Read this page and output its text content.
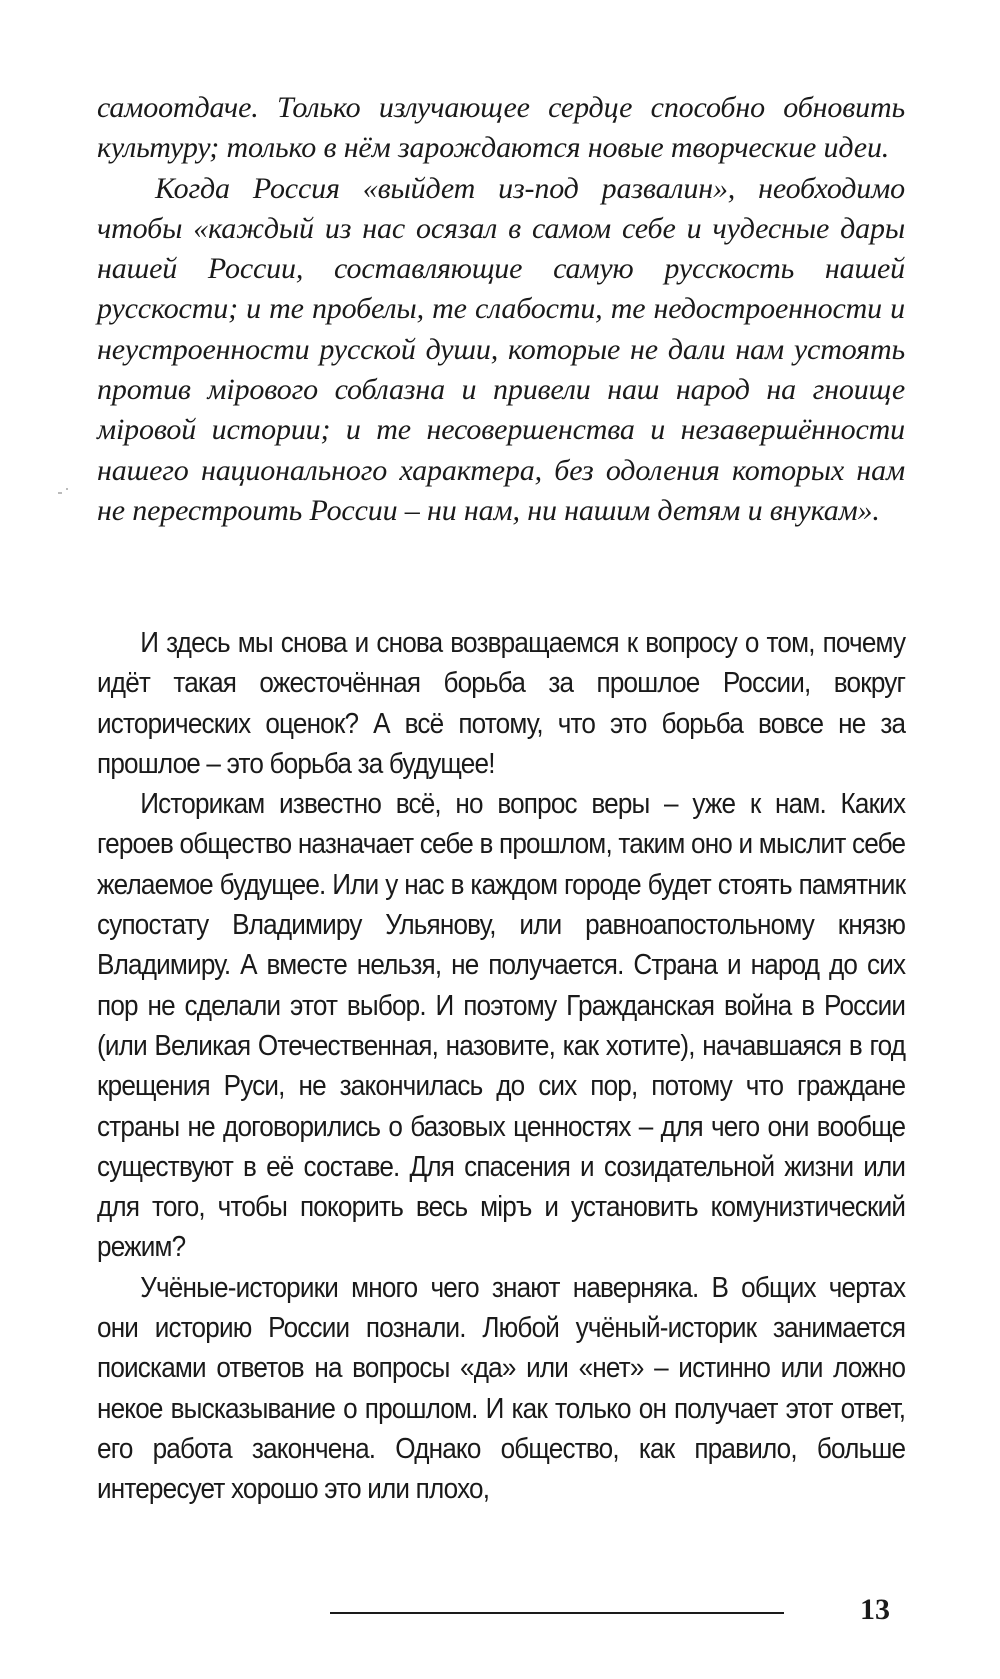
самоотдаче. Только излучающее сердце способно обновить культуру; только в нём зарождаются новые творческие идеи.

Когда Россия «выйдет из-под развалин», необходимо чтобы «каждый из нас осязал в самом себе и чудесные дары нашей России, составляющие самую русскость нашей русскости; и те пробелы, те слабости, те недостроенности и неустроенности русской души, которые не дали нам устоять против мiрового соблазна и привели наш народ на гноище мiровой истории; и те несовершенства и незавершённости нашего национального характера, без одоления которых нам не перестроить России – ни нам, ни нашим детям и внукам».

И здесь мы снова и снова возвращаемся к вопросу о том, почему идёт такая ожесточённая борьба за прошлое России, вокруг исторических оценок? А всё потому, что это борьба вовсе не за прошлое – это борьба за будущее!

Историкам известно всё, но вопрос веры – уже к нам. Каких героев общество назначает себе в прошлом, таким оно и мыслит себе желаемое будущее. Или у нас в каждом городе будет стоять памятник супостату Владимиру Ульянову, или равноапостольному князю Владимиру. А вместе нельзя, не получается. Страна и народ до сих пор не сделали этот выбор. И поэтому Гражданская война в России (или Великая Отечественная, назовите, как хотите), начавшаяся в год крещения Руси, не закончилась до сих пор, потому что граждане страны не договорились о базовых ценностях – для чего они вообще существуют в её составе. Для спасения и созидательной жизни или для того, чтобы покорить весь мiръ и установить комунизтический режим?

Учёные-историки много чего знают наверняка. В общих чертах они историю России познали. Любой учёный-историк занимается поисками ответов на вопросы «да» или «нет» – истинно или ложно некое высказывание о прошлом. И как только он получает этот ответ, его работа закончена. Однако общество, как правило, больше интересует хорошо это или плохо,

13
